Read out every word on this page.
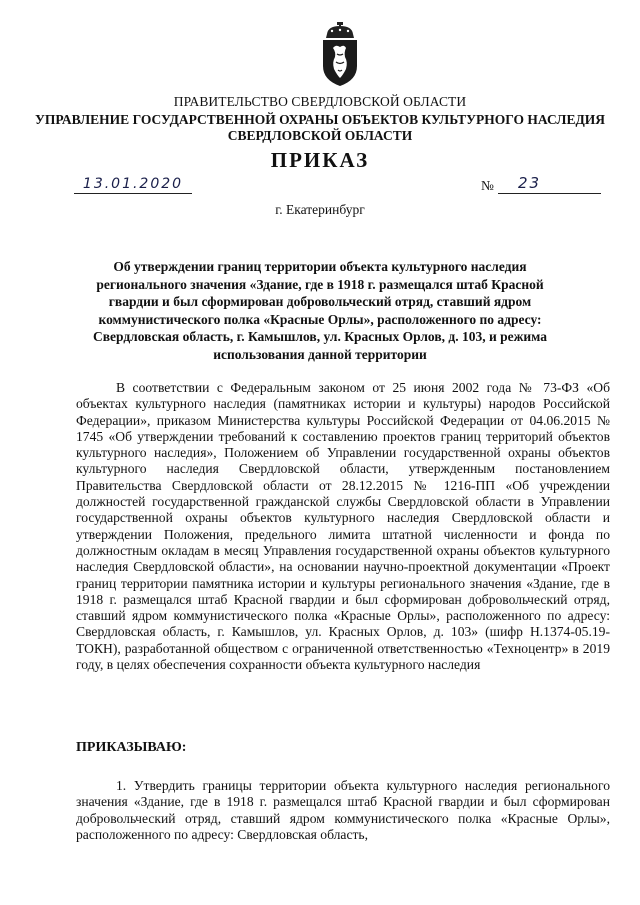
ПРАВИТЕЛЬСТВО СВЕРДЛОВСКОЙ ОБЛАСТИ
УПРАВЛЕНИЕ ГОСУДАРСТВЕННОЙ ОХРАНЫ ОБЪЕКТОВ КУЛЬТУРНОГО НАСЛЕДИЯ
СВЕРДЛОВСКОЙ ОБЛАСТИ
ПРИКАЗ
13.01.2020	№ 23
г. Екатеринбург
Об утверждении границ территории объекта культурного наследия регионального значения «Здание, где в 1918 г. размещался штаб Красной гвардии и был сформирован добровольческий отряд, ставший ядром коммунистического полка «Красные Орлы», расположенного по адресу: Свердловская область, г. Камышлов, ул. Красных Орлов, д. 103, и режима использования данной территории

В соответствии с Федеральным законом от 25 июня 2002 года № 73-ФЗ «Об объектах культурного наследия (памятниках истории и культуры) народов Российской Федерации», приказом Министерства культуры Российской Федерации от 04.06.2015 № 1745 «Об утверждении требований к составлению проектов границ территорий объектов культурного наследия», Положением об Управлении государственной охраны объектов культурного наследия Свердловской области, утвержденным постановлением Правительства Свердловской области от 28.12.2015 № 1216-ПП «Об учреждении должностей государственной гражданской службы Свердловской области в Управлении государственной охраны объектов культурного наследия Свердловской области и утверждении Положения, предельного лимита штатной численности и фонда по должностным окладам в месяц Управления государственной охраны объектов культурного наследия Свердловской области», на основании научно-проектной документации «Проект границ территории памятника истории и культуры регионального значения «Здание, где в 1918 г. размещался штаб Красной гвардии и был сформирован добровольческий отряд, ставший ядром коммунистического полка «Красные Орлы», расположенного по адресу: Свердловская область, г. Камышлов, ул. Красных Орлов, д. 103» (шифр Н.1374-05.19-ТОКН), разработанной обществом с ограниченной ответственностью «Техноцентр» в 2019 году, в целях обеспечения сохранности объекта культурного наследия

ПРИКАЗЫВАЮ:

1. Утвердить границы территории объекта культурного наследия регионального значения «Здание, где в 1918 г. размещался штаб Красной гвардии и был сформирован добровольческий отряд, ставший ядром коммунистического полка «Красные Орлы», расположенного по адресу: Свердловская область,
